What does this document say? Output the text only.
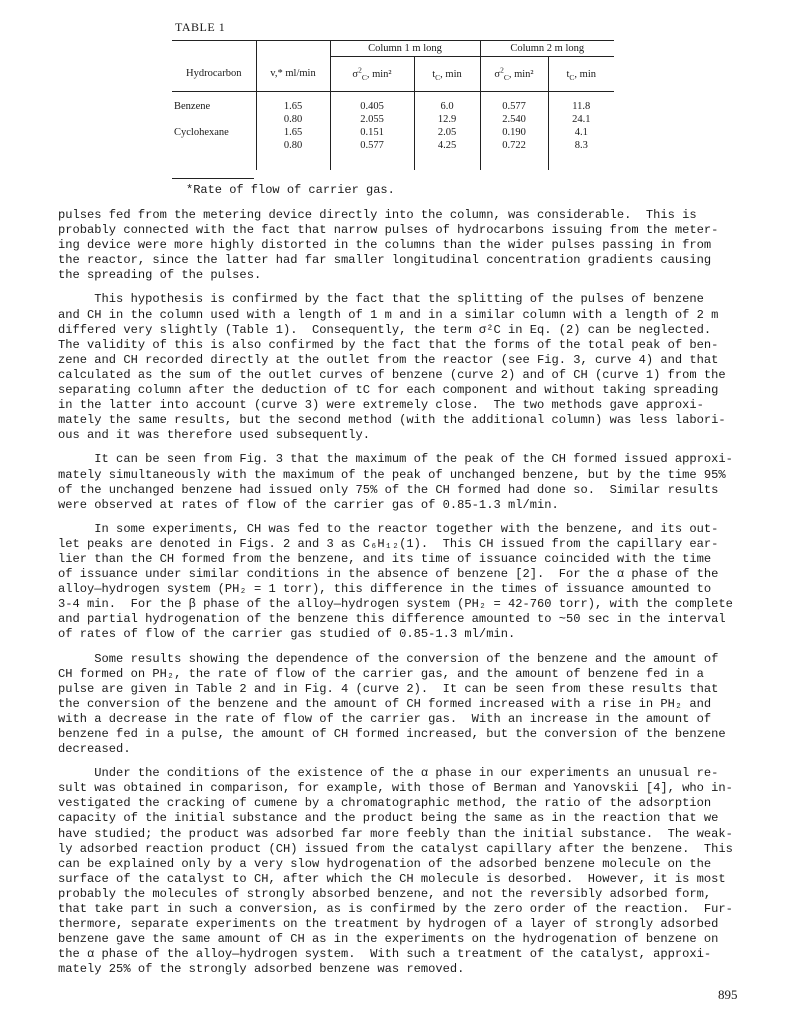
TABLE 1
		Column 1 m long		Column 2 m long	
Hydrocarbon	v,* ml/min	$\sigma^2_C$, min²	$t_C$, min	$\sigma^2_C$, min²	$t_C$, min

Benzene	1.65	0.405	6.0	0.577	11.8
	0.80	2.055	12.9	2.540	24.1
Cyclohexane	1.65	0.151	2.05	0.190	4.1
	0.80	0.577	4.25	0.722	8.3

*Rate of flow of carrier gas.
pulses fed from the metering device directly into the column, was considerable.  This is
probably connected with the fact that narrow pulses of hydrocarbons issuing from the meter-
ing device were more highly distorted in the columns than the wider pulses passing in from
the reactor, since the latter had far smaller longitudinal concentration gradients causing
the spreading of the pulses.
This hypothesis is confirmed by the fact that the splitting of the pulses of benzene
and CH in the column used with a length of 1 m and in a similar column with a length of 2 m
differed very slightly (Table 1).  Consequently, the term σ²C in Eq. (2) can be neglected.
The validity of this is also confirmed by the fact that the forms of the total peak of ben-
zene and CH recorded directly at the outlet from the reactor (see Fig. 3, curve 4) and that
calculated as the sum of the outlet curves of benzene (curve 2) and of CH (curve 1) from the
separating column after the deduction of tC for each component and without taking spreading
in the latter into account (curve 3) were extremely close.  The two methods gave approxi-
mately the same results, but the second method (with the additional column) was less labori-
ous and it was therefore used subsequently.
It can be seen from Fig. 3 that the maximum of the peak of the CH formed issued approxi-
mately simultaneously with the maximum of the peak of unchanged benzene, but by the time 95%
of the unchanged benzene had issued only 75% of the CH formed had done so.  Similar results
were observed at rates of flow of the carrier gas of 0.85-1.3 ml/min.
In some experiments, CH was fed to the reactor together with the benzene, and its out-
let peaks are denoted in Figs. 2 and 3 as C₆H₁₂(1).  This CH issued from the capillary ear-
lier than the CH formed from the benzene, and its time of issuance coincided with the time
of issuance under similar conditions in the absence of benzene [2].  For the α phase of the
alloy—hydrogen system (PH₂ = 1 torr), this difference in the times of issuance amounted to
3-4 min.  For the β phase of the alloy—hydrogen system (PH₂ = 42-760 torr), with the complete
and partial hydrogenation of the benzene this difference amounted to ~50 sec in the interval
of rates of flow of the carrier gas studied of 0.85-1.3 ml/min.
Some results showing the dependence of the conversion of the benzene and the amount of
CH formed on PH₂, the rate of flow of the carrier gas, and the amount of benzene fed in a
pulse are given in Table 2 and in Fig. 4 (curve 2).  It can be seen from these results that
the conversion of the benzene and the amount of CH formed increased with a rise in PH₂ and
with a decrease in the rate of flow of the carrier gas.  With an increase in the amount of
benzene fed in a pulse, the amount of CH formed increased, but the conversion of the benzene
decreased.
Under the conditions of the existence of the α phase in our experiments an unusual re-
sult was obtained in comparison, for example, with those of Berman and Yanovskii [4], who in-
vestigated the cracking of cumene by a chromatographic method, the ratio of the adsorption
capacity of the initial substance and the product being the same as in the reaction that we
have studied; the product was adsorbed far more feebly than the initial substance.  The weak-
ly adsorbed reaction product (CH) issued from the catalyst capillary after the benzene.  This
can be explained only by a very slow hydrogenation of the adsorbed benzene molecule on the
surface of the catalyst to CH, after which the CH molecule is desorbed.  However, it is most
probably the molecules of strongly absorbed benzene, and not the reversibly adsorbed form,
that take part in such a conversion, as is confirmed by the zero order of the reaction.  Fur-
thermore, separate experiments on the treatment by hydrogen of a layer of strongly adsorbed
benzene gave the same amount of CH as in the experiments on the hydrogenation of benzene on
the α phase of the alloy—hydrogen system.  With such a treatment of the catalyst, approxi-
mately 25% of the strongly adsorbed benzene was removed.
895
